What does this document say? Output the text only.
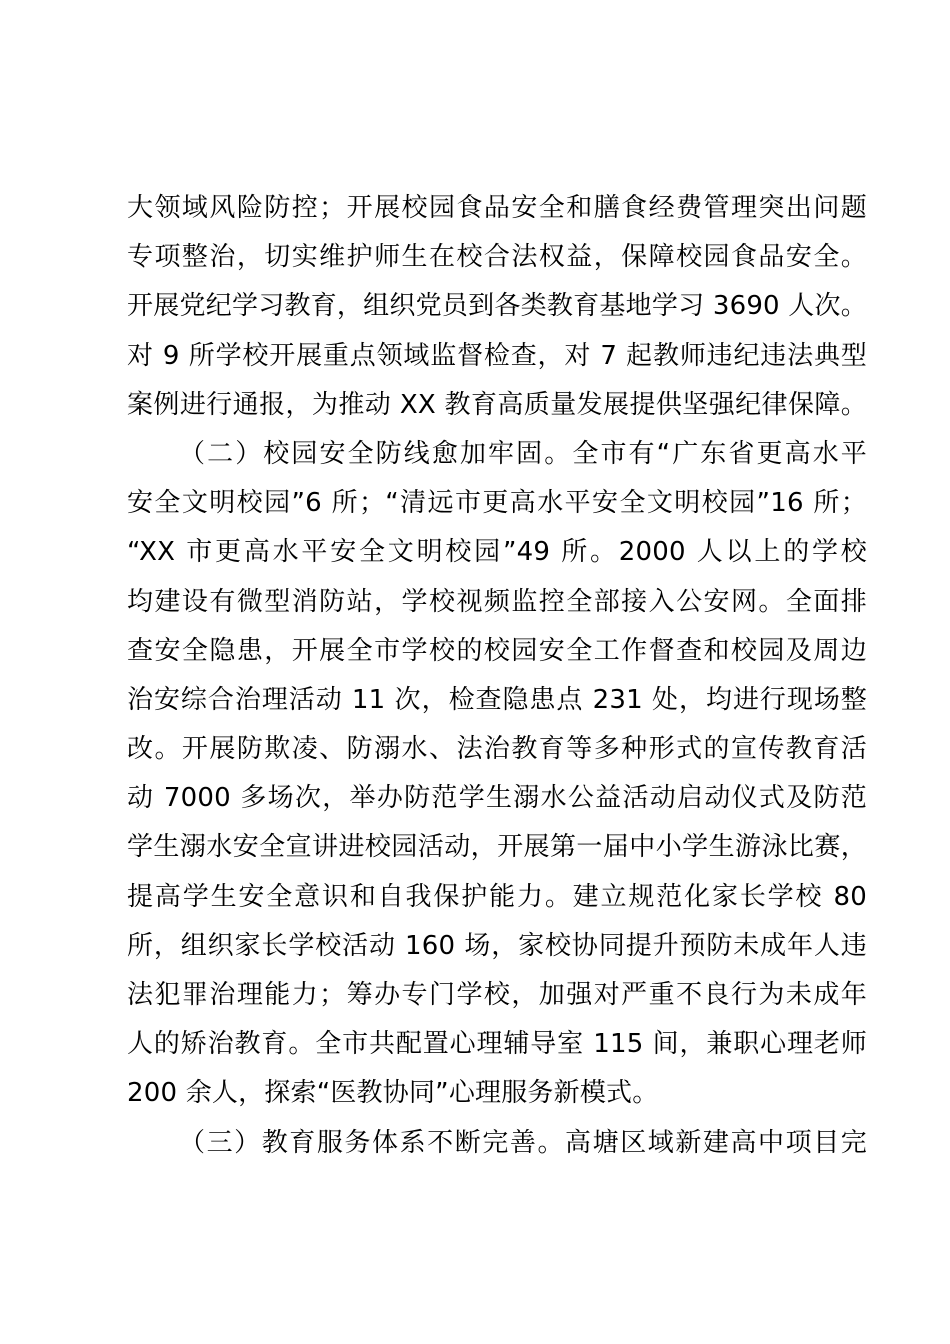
大领域风险防控；开展校园食品安全和膳食经费管理突出问题
专项整治，切实维护师生在校合法权益，保障校园食品安全。
开展党纪学习教育，组织党员到各类教育基地学习 3690 人次。
对 9 所学校开展重点领域监督检查，对 7 起教师违纪违法典型
案例进行通报，为推动 XX 教育高质量发展提供坚强纪律保障。
（二）校园安全防线愈加牢固。全市有“广东省更高水平
安全文明校园”6 所；“清远市更高水平安全文明校园”16 所；
“XX 市更高水平安全文明校园”49 所。2000 人以上的学校
均建设有微型消防站，学校视频监控全部接入公安网。全面排
查安全隐患，开展全市学校的校园安全工作督查和校园及周边
治安综合治理活动 11 次，检查隐患点 231 处，均进行现场整
改。开展防欺凌、防溺水、法治教育等多种形式的宣传教育活
动 7000 多场次，举办防范学生溺水公益活动启动仪式及防范
学生溺水安全宣讲进校园活动，开展第一届中小学生游泳比赛，
提高学生安全意识和自我保护能力。建立规范化家长学校 80
所，组织家长学校活动 160 场，家校协同提升预防未成年人违
法犯罪治理能力；筹办专门学校，加强对严重不良行为未成年
人的矫治教育。全市共配置心理辅导室 115 间，兼职心理老师
200 余人，探索“医教协同”心理服务新模式。
（三）教育服务体系不断完善。高塘区域新建高中项目完
